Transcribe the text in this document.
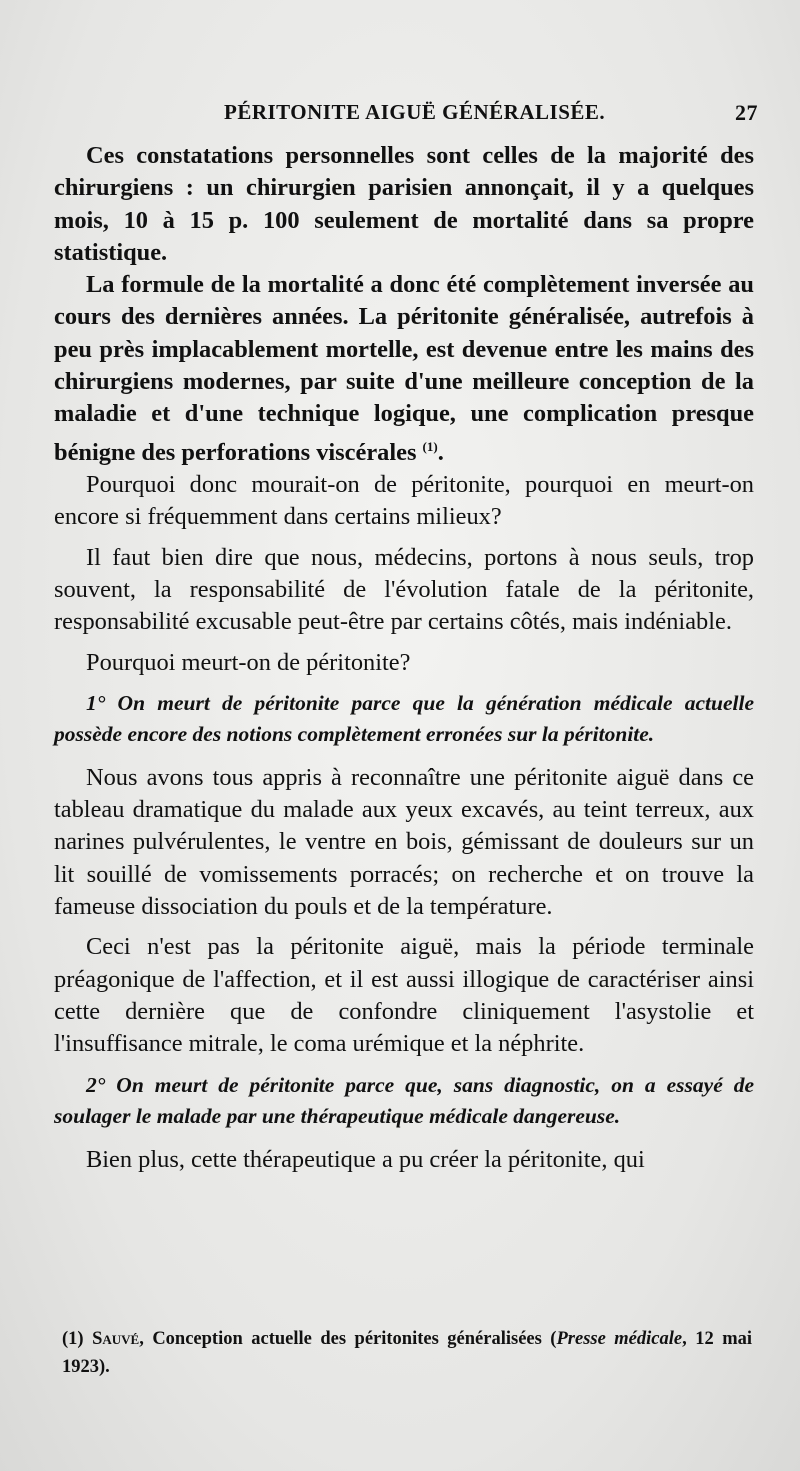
PÉRITONITE AIGUË GÉNÉRALISÉE.	27

Ces constatations personnelles sont celles de la majorité des chirurgiens : un chirurgien parisien annonçait, il y a quelques mois, 10 à 15 p. 100 seulement de mortalité dans sa propre statistique.

La formule de la mortalité a donc été complètement inversée au cours des dernières années. La péritonite généralisée, autrefois à peu près implacablement mortelle, est devenue entre les mains des chirurgiens modernes, par suite d'une meilleure conception de la maladie et d'une technique logique, une complication presque bénigne des perforations viscérales $^{(1)}$.

Pourquoi donc mourait-on de péritonite, pourquoi en meurt-on encore si fréquemment dans certains milieux?

Il faut bien dire que nous, médecins, portons à nous seuls, trop souvent, la responsabilité de l'évolution fatale de la péritonite, responsabilité excusable peut-être par certains côtés, mais indéniable.

Pourquoi meurt-on de péritonite?

1° On meurt de péritonite parce que la génération médicale actuelle possède encore des notions complètement erronées sur la péritonite.

Nous avons tous appris à reconnaître une péritonite aiguë dans ce tableau dramatique du malade aux yeux excavés, au teint terreux, aux narines pulvérulentes, le ventre en bois, gémissant de douleurs sur un lit souillé de vomissements porracés; on recherche et on trouve la fameuse dissociation du pouls et de la température.

Ceci n'est pas la péritonite aiguë, mais la période terminale préagonique de l'affection, et il est aussi illogique de caractériser ainsi cette dernière que de confondre cliniquement l'asystolie et l'insuffisance mitrale, le coma urémique et la néphrite.

2° On meurt de péritonite parce que, sans diagnostic, on a essayé de soulager le malade par une thérapeutique médicale dangereuse.

Bien plus, cette thérapeutique a pu créer la péritonite, qui

(1) Sauvé, Conception actuelle des péritonites généralisées (Presse médicale, 12 mai 1923).
